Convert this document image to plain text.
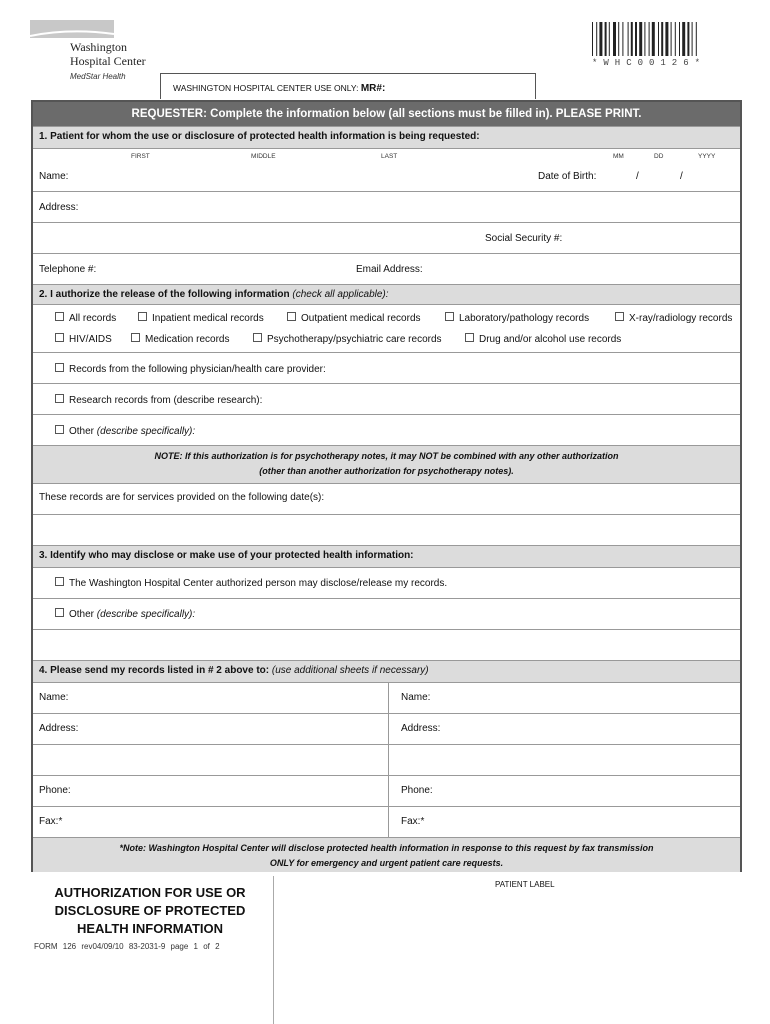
Washington
Hospital Center
MedStar Health
*WHC00126*
WASHINGTON HOSPITAL CENTER USE ONLY: MR#:
REQUESTER: Complete the information below (all sections must be filled in). PLEASE PRINT.
1. Patient for whom the use or disclosure of protected health information is being requested:
FIRST	MIDDLE	LAST	MM	DD	YYYY
Name:	Date of Birth:	/	/
Address:
Social Security #:
Telephone #:	Email Address:
2. I authorize the release of the following information (check all applicable):
All records	Inpatient medical records	Outpatient medical records	Laboratory/pathology records	X-ray/radiology records
HIV/AIDS	Medication records	Psychotherapy/psychiatric care records	Drug and/or alcohol use records
Records from the following physician/health care provider:
Research records from (describe research):
Other (describe specifically):
NOTE: If this authorization is for psychotherapy notes, it may NOT be combined with any other authorization
(other than another authorization for psychotherapy notes).
These records are for services provided on the following date(s):
3. Identify who may disclose or make use of your protected health information:
The Washington Hospital Center authorized person may disclose/release my records.
Other (describe specifically):
4. Please send my records listed in # 2 above to: (use additional sheets if necessary)
Name:	Name:
Address:	Address:
Phone:	Phone:
Fax:*	Fax:*
*Note: Washington Hospital Center will disclose protected health information in response to this request by fax transmission
ONLY for emergency and urgent patient care requests.
AUTHORIZATION FOR USE OR
DISCLOSURE OF PROTECTED
HEALTH INFORMATION
FORM 126 rev04/09/10 83-2031-9 page 1 of 2
PATIENT LABEL
